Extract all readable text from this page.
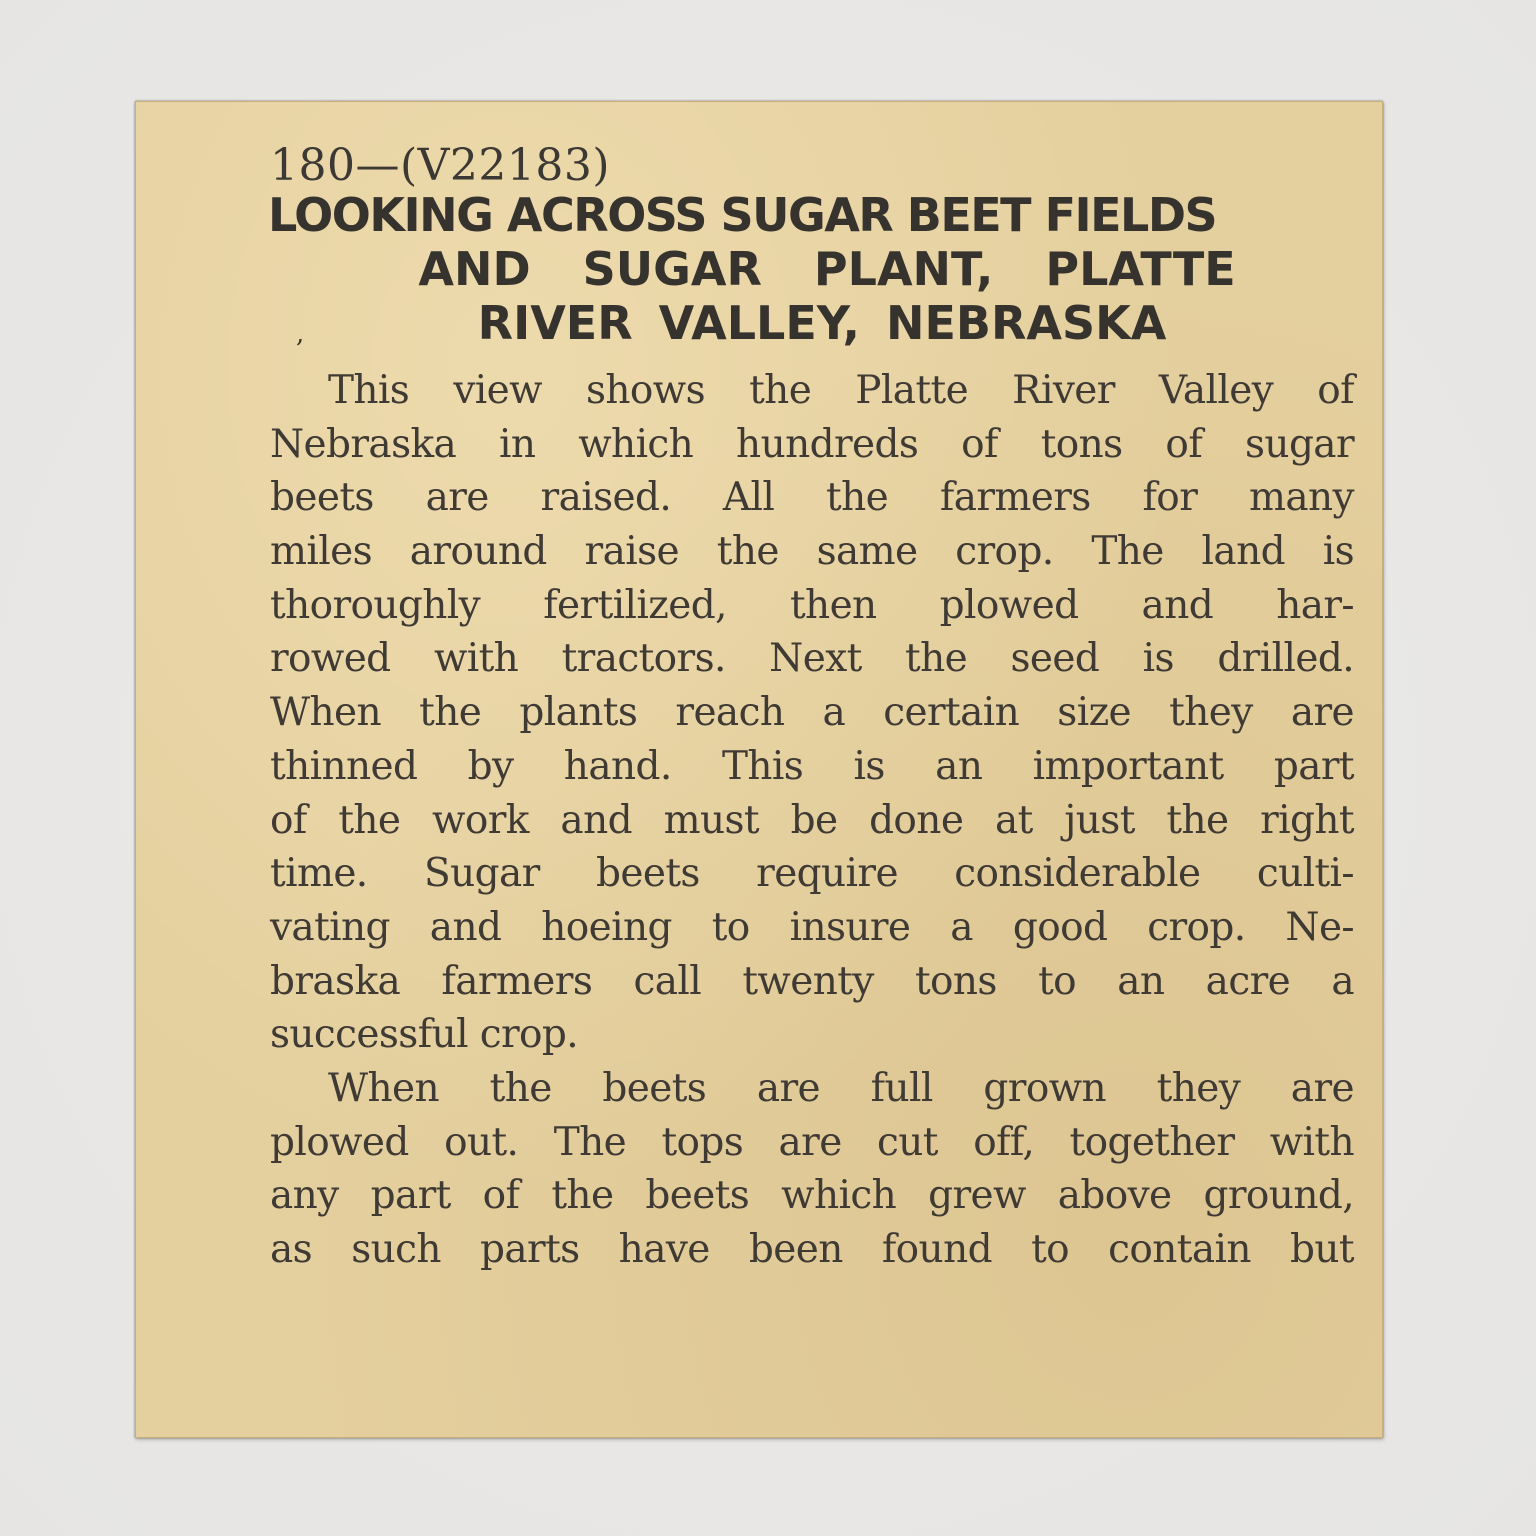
180—(V22183)
LOOKING ACROSS SUGAR BEET FIELDS
AND SUGAR PLANT, PLATTE
RIVER VALLEY, NEBRASKA
,
This view shows the Platte River Valley of
Nebraska in which hundreds of tons of sugar
beets are raised. All the farmers for many
miles around raise the same crop. The land is
thoroughly fertilized, then plowed and har-
rowed with tractors. Next the seed is drilled.
When the plants reach a certain size they are
thinned by hand. This is an important part
of the work and must be done at just the right
time. Sugar beets require considerable culti-
vating and hoeing to insure a good crop. Ne-
braska farmers call twenty tons to an acre a
successful crop.
When the beets are full grown they are
plowed out. The tops are cut off, together with
any part of the beets which grew above ground,
as such parts have been found to contain but
